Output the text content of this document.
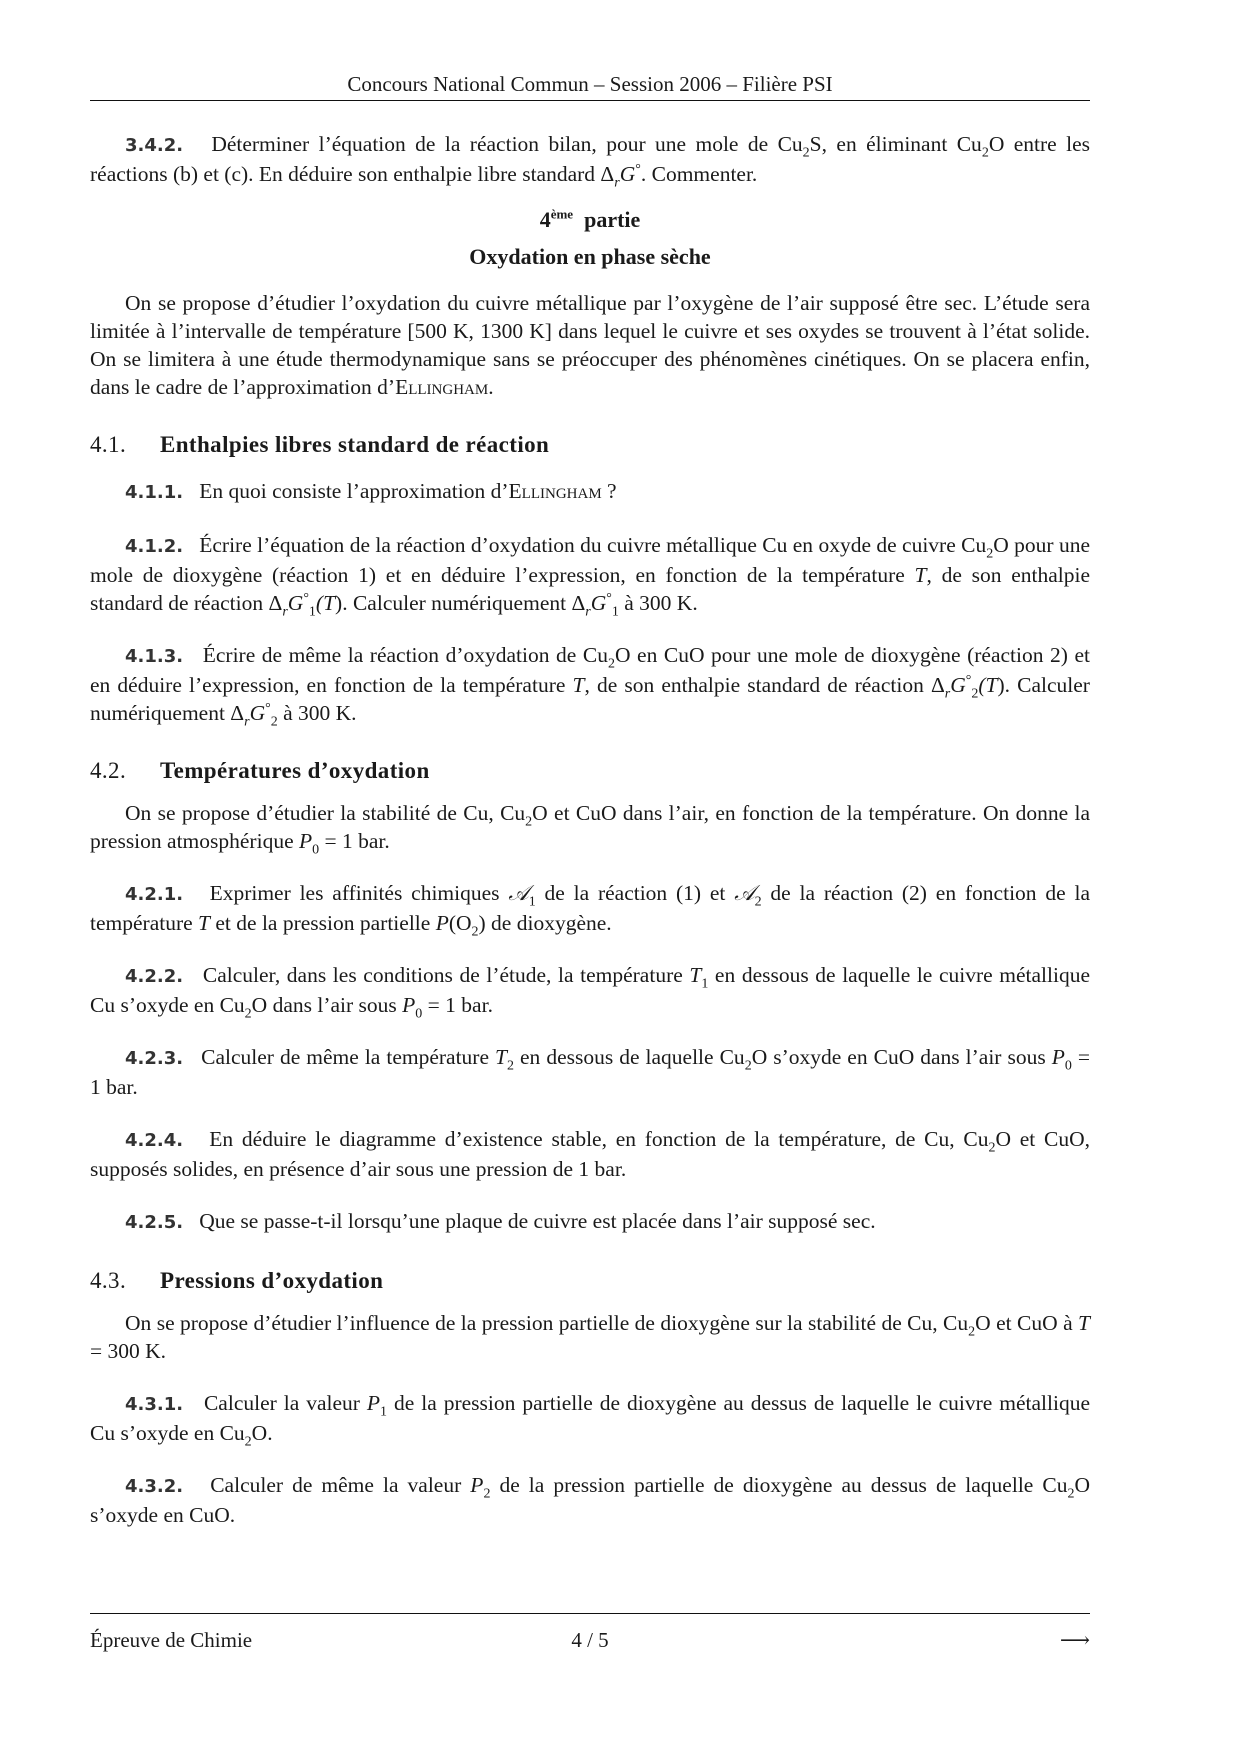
Concours National Commun – Session 2006 – Filière PSI

3.4.2. Déterminer l’équation de la réaction bilan, pour une mole de $Cu_2S$, en éliminant $Cu_2O$ entre les réactions (b) et (c). En déduire son enthalpie libre standard $\Delta_rG^\circ$. Commenter.

4ème partie

Oxydation en phase sèche

On se propose d’étudier l’oxydation du cuivre métallique par l’oxygène de l’air supposé être sec. L’étude sera limitée à l’intervalle de température [500 K, 1300 K] dans lequel le cuivre et ses oxydes se trouvent à l’état solide. On se limitera à une étude thermodynamique sans se préoccuper des phénomènes cinétiques. On se placera enfin, dans le cadre de l’approximation d’Ellingham.

4.1. Enthalpies libres standard de réaction

4.1.1. En quoi consiste l’approximation d’Ellingham ?

4.1.2. Écrire l’équation de la réaction d’oxydation du cuivre métallique Cu en oxyde de cuivre $Cu_2O$ pour une mole de dioxygène (réaction 1) et en déduire l’expression, en fonction de la température T, de son enthalpie standard de réaction $\Delta_rG^\circ_1(T)$. Calculer numériquement $\Delta_rG^\circ_1$ à 300 K.

4.1.3. Écrire de même la réaction d’oxydation de $Cu_2O$ en CuO pour une mole de dioxygène (réaction 2) et en déduire l’expression, en fonction de la température T, de son enthalpie standard de réaction $\Delta_rG^\circ_2(T)$. Calculer numériquement $\Delta_rG^\circ_2$ à 300 K.

4.2. Températures d’oxydation

On se propose d’étudier la stabilité de Cu, $Cu_2O$ et CuO dans l’air, en fonction de la température. On donne la pression atmosphérique $P_0 = 1$ bar.

4.2.1. Exprimer les affinités chimiques 𝒜$_1$ de la réaction (1) et 𝒜$_2$ de la réaction (2) en fonction de la température T et de la pression partielle $P(O_2)$ de dioxygène.

4.2.2. Calculer, dans les conditions de l’étude, la température $T_1$ en dessous de laquelle le cuivre métallique Cu s’oxyde en $Cu_2O$ dans l’air sous $P_0 = 1$ bar.

4.2.3. Calculer de même la température $T_2$ en dessous de laquelle $Cu_2O$ s’oxyde en CuO dans l’air sous $P_0 = 1$ bar.

4.2.4. En déduire le diagramme d’existence stable, en fonction de la température, de Cu, $Cu_2O$ et CuO, supposés solides, en présence d’air sous une pression de 1 bar.

4.2.5. Que se passe-t-il lorsqu’une plaque de cuivre est placée dans l’air supposé sec.

4.3. Pressions d’oxydation

On se propose d’étudier l’influence de la pression partielle de dioxygène sur la stabilité de Cu, $Cu_2O$ et CuO à T = 300 K.

4.3.1. Calculer la valeur $P_1$ de la pression partielle de dioxygène au dessus de laquelle le cuivre métallique Cu s’oxyde en $Cu_2O$.

4.3.2. Calculer de même la valeur $P_2$ de la pression partielle de dioxygène au dessus de laquelle $Cu_2O$ s’oxyde en CuO.

Épreuve de Chimie	4 / 5	⟶
